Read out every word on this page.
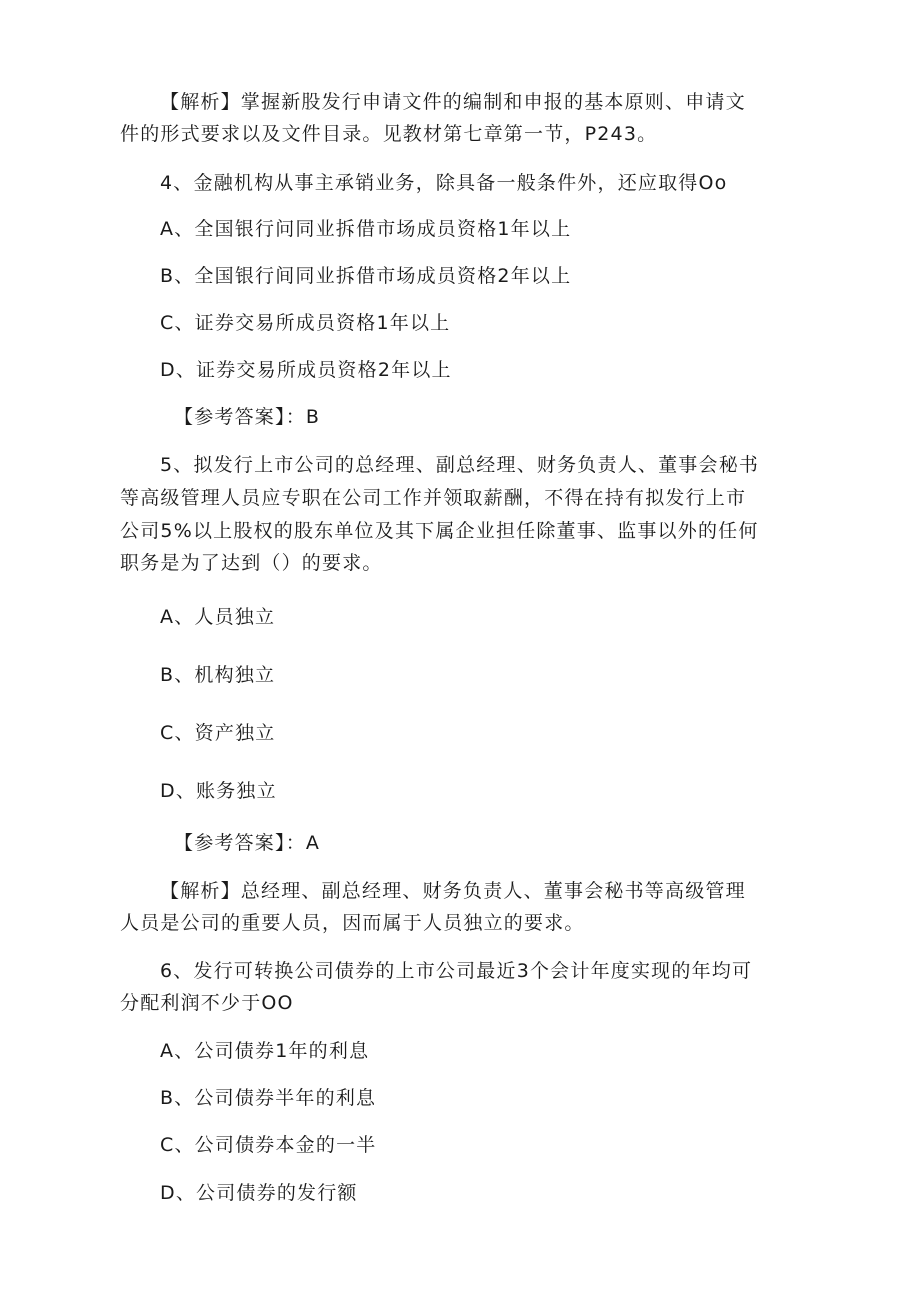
【解析】掌握新股发行申请文件的编制和申报的基本原则、申请文

件的形式要求以及文件目录。见教材第七章第一节，P243。

4、金融机构从事主承销业务，除具备一般条件外，还应取得Oo

A、全国银行问同业拆借市场成员资格1年以上

B、全国银行间同业拆借市场成员资格2年以上

C、证券交易所成员资格1年以上

D、证券交易所成员资格2年以上

【参考答案】：B

5、拟发行上市公司的总经理、副总经理、财务负责人、董事会秘书

等高级管理人员应专职在公司工作并领取薪酬，不得在持有拟发行上市

公司5%以上股权的股东单位及其下属企业担任除董事、监事以外的任何

职务是为了达到（）的要求。

A、人员独立

B、机构独立

C、资产独立

D、账务独立

【参考答案】：A

【解析】总经理、副总经理、财务负责人、董事会秘书等高级管理

人员是公司的重要人员，因而属于人员独立的要求。

6、发行可转换公司债券的上市公司最近3个会计年度实现的年均可

分配利润不少于OO

A、公司债券1年的利息

B、公司债券半年的利息

C、公司债券本金的一半

D、公司债券的发行额
